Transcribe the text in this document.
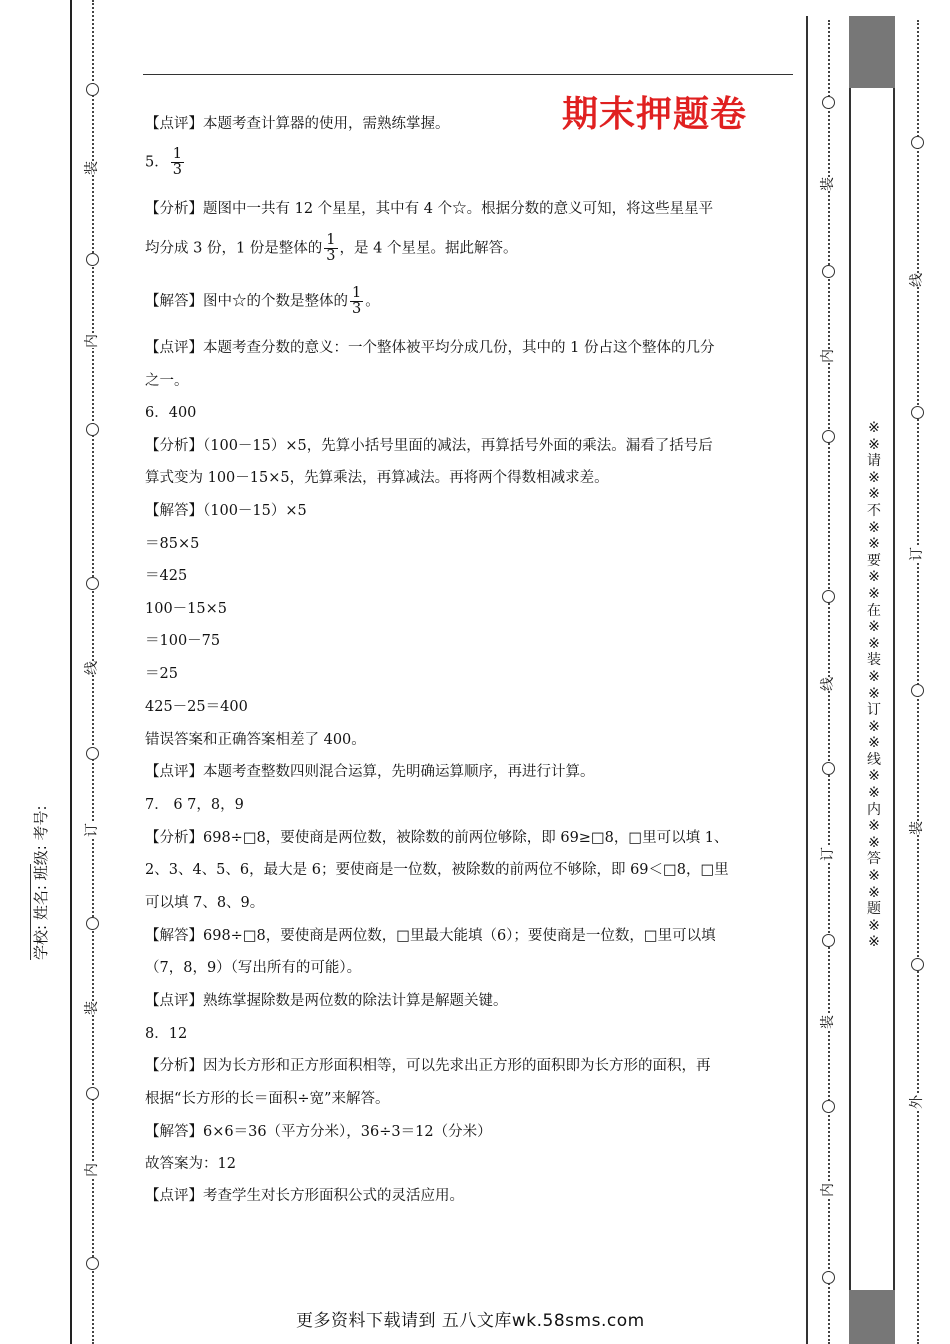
装
内
线
订
装
内
学校:
姓名:
班级:
考号:
装
内
线
订
装
内
线
订
装
外
※
※
请
※
※
不
※
※
要
※
※
在
※
※
装
※
※
订
※
※
线
※
※
内
※
※
答
※
※
题
※
※
期末押题卷
【点评】本题考查计算器的使用，需熟练掌握。
5． $\frac{1}{3}$
【分析】题图中一共有 12 个星星，其中有 4 个☆。根据分数的意义可知，将这些星星平
均分成 3 份，1 份是整体的 $\frac{1}{3}$ ，是 4 个星星。据此解答。
【解答】图中☆的个数是整体的 $\frac{1}{3}$ 。
【点评】本题考查分数的意义：一个整体被平均分成几份，其中的 1 份占这个整体的几分
之一。
6．400
【分析】（100－15）×5，先算小括号里面的减法，再算括号外面的乘法。漏看了括号后
算式变为 100－15×5，先算乘法，再算减法。再将两个得数相减求差。
【解答】（100－15）×5
＝85×5
＝425
100－15×5
＝100－75
＝25
425－25＝400
错误答案和正确答案相差了 400。
【点评】本题考查整数四则混合运算，先明确运算顺序，再进行计算。
7． 6 7，8，9
【分析】698÷□8，要使商是两位数，被除数的前两位够除，即 69≥□8，□里可以填 1、
2、3、4、5、6，最大是 6；要使商是一位数，被除数的前两位不够除，即 69＜□8，□里
可以填 7、8、9。
【解答】698÷□8，要使商是两位数，□里最大能填（6）；要使商是一位数，□里可以填
（7，8，9）（写出所有的可能）。
【点评】熟练掌握除数是两位数的除法计算是解题关键。
8．12
【分析】因为长方形和正方形面积相等，可以先求出正方形的面积即为长方形的面积，再
根据“长方形的长＝面积÷宽”来解答。
【解答】6×6＝36（平方分米），36÷3＝12（分米）
故答案为：12
【点评】考查学生对长方形面积公式的灵活应用。
更多资料下载请到 五八文库wk.58sms.com
